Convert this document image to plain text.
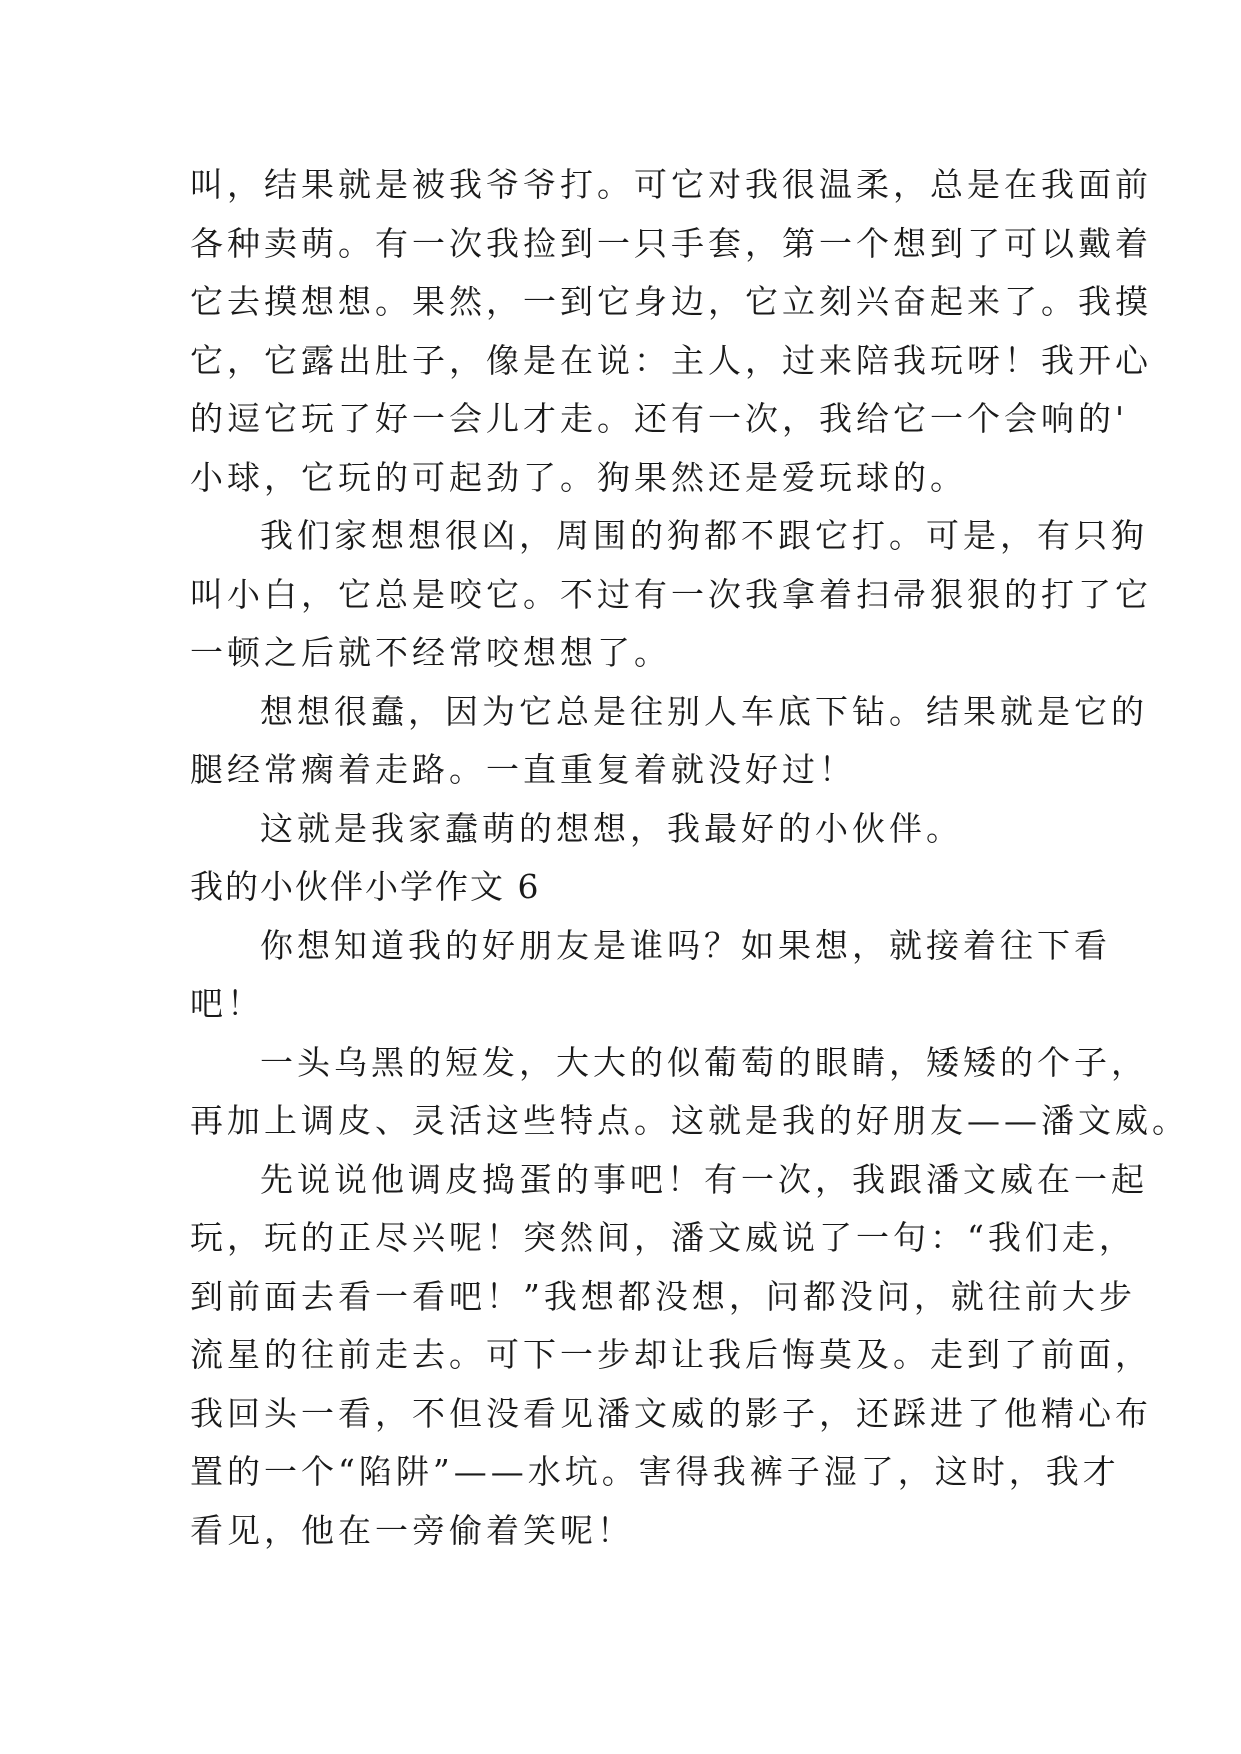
叫，结果就是被我爷爷打。可它对我很温柔，总是在我面前
各种卖萌。有一次我捡到一只手套，第一个想到了可以戴着
它去摸想想。果然，一到它身边，它立刻兴奋起来了。我摸
它，它露出肚子，像是在说：主人，过来陪我玩呀！我开心
的逗它玩了好一会儿才走。还有一次，我给它一个会响的'
小球，它玩的可起劲了。狗果然还是爱玩球的。
我们家想想很凶，周围的狗都不跟它打。可是，有只狗
叫小白，它总是咬它。不过有一次我拿着扫帚狠狠的打了它
一顿之后就不经常咬想想了。
想想很蠢，因为它总是往别人车底下钻。结果就是它的
腿经常瘸着走路。一直重复着就没好过！
这就是我家蠢萌的想想，我最好的小伙伴。
我的小伙伴小学作文 6
你想知道我的好朋友是谁吗？如果想，就接着往下看
吧！
一头乌黑的短发，大大的似葡萄的眼睛，矮矮的个子，
再加上调皮、灵活这些特点。这就是我的好朋友——潘文威。
先说说他调皮捣蛋的事吧！有一次，我跟潘文威在一起
玩，玩的正尽兴呢！突然间，潘文威说了一句：“我们走，
到前面去看一看吧！”我想都没想，问都没问，就往前大步
流星的往前走去。可下一步却让我后悔莫及。走到了前面，
我回头一看，不但没看见潘文威的影子，还踩进了他精心布
置的一个“陷阱”——水坑。害得我裤子湿了，这时，我才
看见，他在一旁偷着笑呢！
